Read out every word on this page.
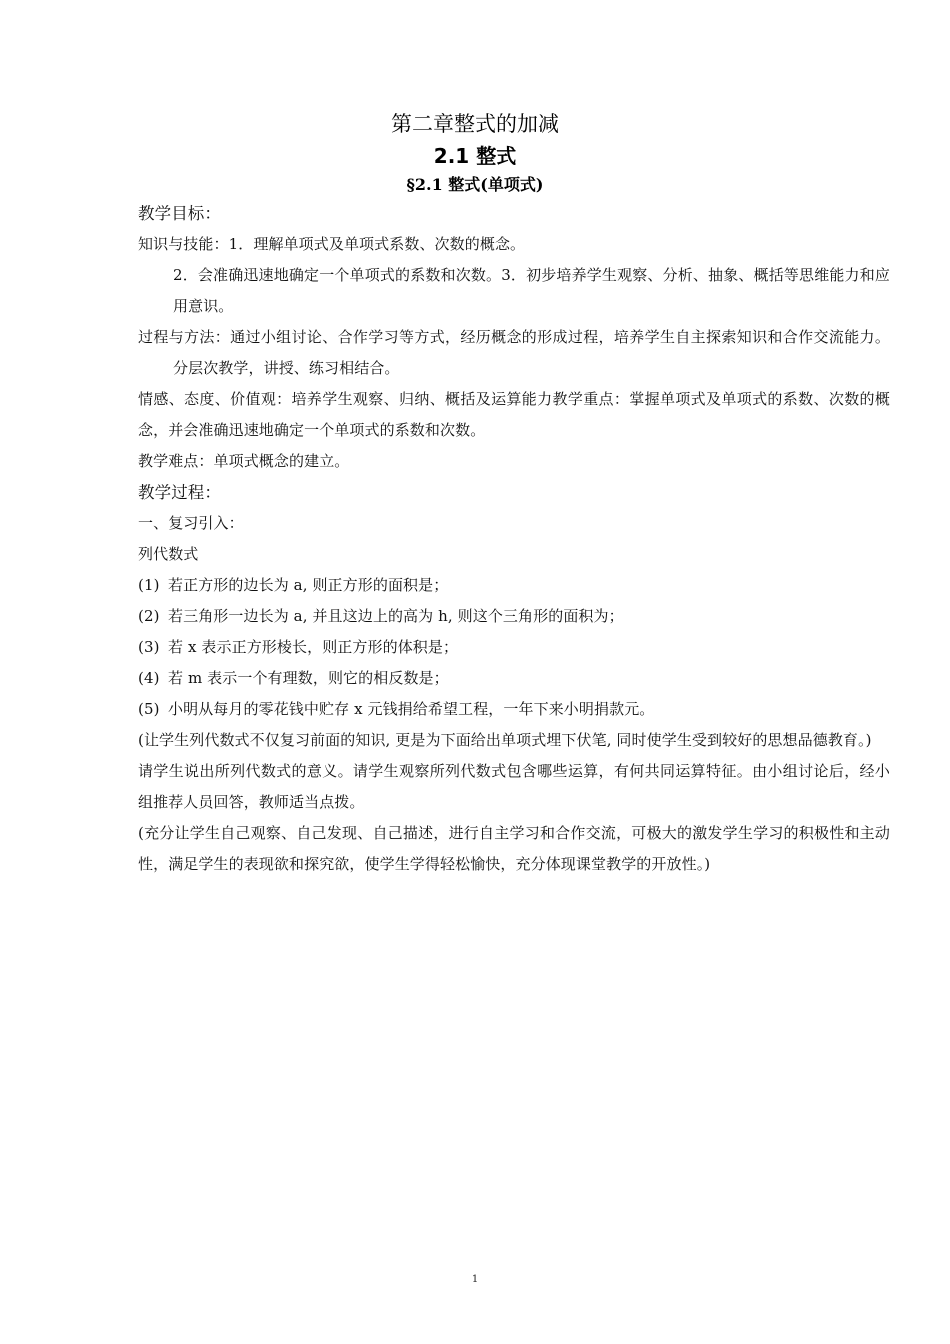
第二章整式的加减
2.1 整式
§2.1 整式(单项式)

教学目标：

知识与技能：1．理解单项式及单项式系数、次数的概念。

2．会准确迅速地确定一个单项式的系数和次数。3．初步培养学生观察、分析、抽象、概括等思维能力和应用意识。

过程与方法：通过小组讨论、合作学习等方式，经历概念的形成过程，培养学生自主探索知识和合作交流能力。分层次教学，讲授、练习相结合。

情感、态度、价值观：培养学生观察、归纳、概括及运算能力教学重点：掌握单项式及单项式的系数、次数的概念，并会准确迅速地确定一个单项式的系数和次数。

教学难点：单项式概念的建立。

教学过程：

一、复习引入：

列代数式

(1) 若正方形的边长为 a, 则正方形的面积是；

(2) 若三角形一边长为 a, 并且这边上的高为 h, 则这个三角形的面积为；

(3) 若 x 表示正方形棱长，则正方形的体积是；

(4) 若 m 表示一个有理数，则它的相反数是；

(5) 小明从每月的零花钱中贮存 x 元钱捐给希望工程，一年下来小明捐款元。

(让学生列代数式不仅复习前面的知识, 更是为下面给出单项式埋下伏笔, 同时使学生受到较好的思想品德教育。)

请学生说出所列代数式的意义。请学生观察所列代数式包含哪些运算，有何共同运算特征。由小组讨论后，经小组推荐人员回答，教师适当点拨。

(充分让学生自己观察、自己发现、自己描述，进行自主学习和合作交流，可极大的激发学生学习的积极性和主动性，满足学生的表现欲和探究欲，使学生学得轻松愉快，充分体现课堂教学的开放性。)

1
